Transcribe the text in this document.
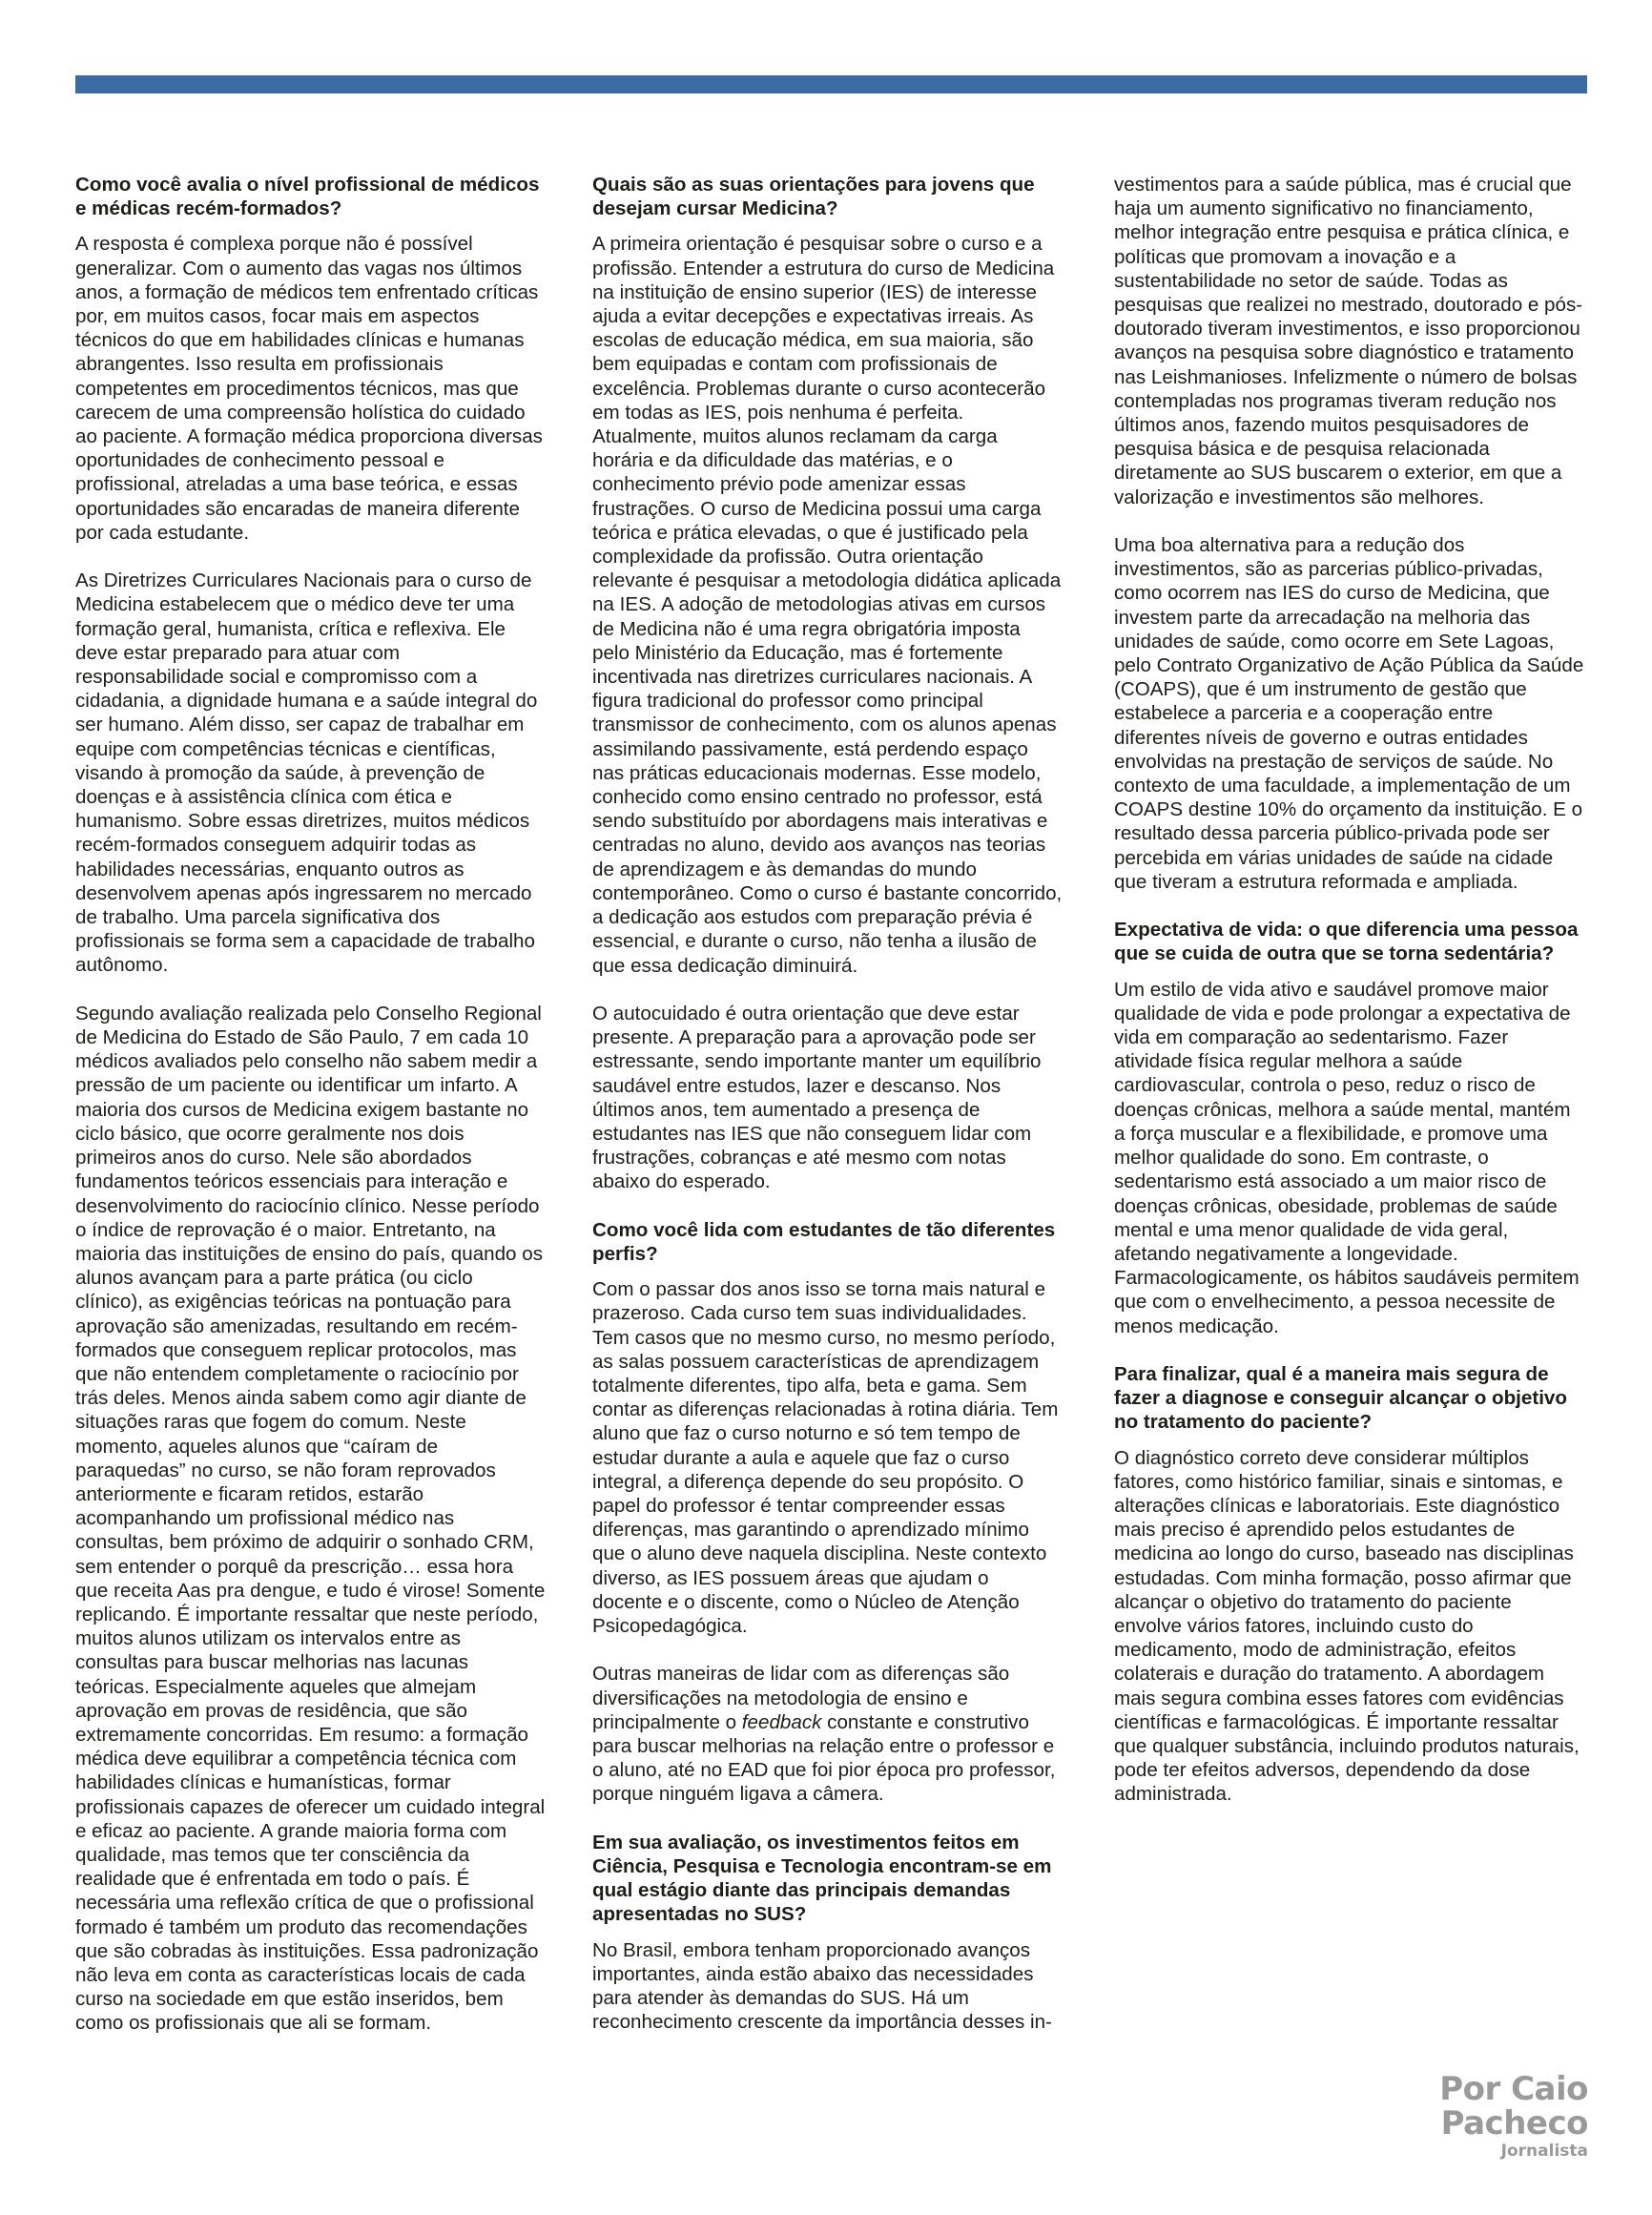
Como você avalia o nível profissional de médicos e médicas recém-formados?

A resposta é complexa porque não é possível generalizar. Com o aumento das vagas nos últimos anos, a formação de médicos tem enfrentado críticas por, em muitos casos, focar mais em aspectos técnicos do que em habilidades clínicas e humanas abrangentes. Isso resulta em profissionais competentes em procedimentos técnicos, mas que carecem de uma compreensão holística do cuidado ao paciente. A formação médica proporciona diversas oportunidades de conhecimento pessoal e profissional, atreladas a uma base teórica, e essas oportunidades são encaradas de maneira diferente por cada estudante.

As Diretrizes Curriculares Nacionais para o curso de Medicina estabelecem que o médico deve ter uma formação geral, humanista, crítica e reflexiva. Ele deve estar preparado para atuar com responsabilidade social e compromisso com a cidadania, a dignidade humana e a saúde integral do ser humano. Além disso, ser capaz de trabalhar em equipe com competências técnicas e científicas, visando à promoção da saúde, à prevenção de doenças e à assistência clínica com ética e humanismo. Sobre essas diretrizes, muitos médicos recém-formados conseguem adquirir todas as habilidades necessárias, enquanto outros as desenvolvem apenas após ingressarem no mercado de trabalho. Uma parcela significativa dos profissionais se forma sem a capacidade de trabalho autônomo.

Segundo avaliação realizada pelo Conselho Regional de Medicina do Estado de São Paulo, 7 em cada 10 médicos avaliados pelo conselho não sabem medir a pressão de um paciente ou identificar um infarto. A maioria dos cursos de Medicina exigem bastante no ciclo básico, que ocorre geralmente nos dois primeiros anos do curso. Nele são abordados fundamentos teóricos essenciais para interação e desenvolvimento do raciocínio clínico. Nesse período o índice de reprovação é o maior. Entretanto, na maioria das instituições de ensino do país, quando os alunos avançam para a parte prática (ou ciclo clínico), as exigências teóricas na pontuação para aprovação são amenizadas, resultando em recém-formados que conseguem replicar protocolos, mas que não entendem completamente o raciocínio por trás deles. Menos ainda sabem como agir diante de situações raras que fogem do comum. Neste momento, aqueles alunos que “caíram de paraquedas” no curso, se não foram reprovados anteriormente e ficaram retidos, estarão acompanhando um profissional médico nas consultas, bem próximo de adquirir o sonhado CRM, sem entender o porquê da prescrição… essa hora que receita Aas pra dengue, e tudo é virose! Somente replicando. É importante ressaltar que neste período, muitos alunos utilizam os intervalos entre as consultas para buscar melhorias nas lacunas teóricas. Especialmente aqueles que almejam aprovação em provas de residência, que são extremamente concorridas. Em resumo: a formação médica deve equilibrar a competência técnica com habilidades clínicas e humanísticas, formar profissionais capazes de oferecer um cuidado integral e eficaz ao paciente. A grande maioria forma com qualidade, mas temos que ter consciência da realidade que é enfrentada em todo o país. É necessária uma reflexão crítica de que o profissional formado é também um produto das recomendações que são cobradas às instituições. Essa padronização não leva em conta as características locais de cada curso na sociedade em que estão inseridos, bem como os profissionais que ali se formam.

Quais são as suas orientações para jovens que desejam cursar Medicina?

A primeira orientação é pesquisar sobre o curso e a profissão. Entender a estrutura do curso de Medicina na instituição de ensino superior (IES) de interesse ajuda a evitar decepções e expectativas irreais. As escolas de educação médica, em sua maioria, são bem equipadas e contam com profissionais de excelência. Problemas durante o curso acontecerão em todas as IES, pois nenhuma é perfeita. Atualmente, muitos alunos reclamam da carga horária e da dificuldade das matérias, e o conhecimento prévio pode amenizar essas frustrações. O curso de Medicina possui uma carga teórica e prática elevadas, o que é justificado pela complexidade da profissão. Outra orientação relevante é pesquisar a metodologia didática aplicada na IES. A adoção de metodologias ativas em cursos de Medicina não é uma regra obrigatória imposta pelo Ministério da Educação, mas é fortemente incentivada nas diretrizes curriculares nacionais. A figura tradicional do professor como principal transmissor de conhecimento, com os alunos apenas assimilando passivamente, está perdendo espaço nas práticas educacionais modernas. Esse modelo, conhecido como ensino centrado no professor, está sendo substituído por abordagens mais interativas e centradas no aluno, devido aos avanços nas teorias de aprendizagem e às demandas do mundo contemporâneo. Como o curso é bastante concorrido, a dedicação aos estudos com preparação prévia é essencial, e durante o curso, não tenha a ilusão de que essa dedicação diminuirá.

O autocuidado é outra orientação que deve estar presente. A preparação para a aprovação pode ser estressante, sendo importante manter um equilíbrio saudável entre estudos, lazer e descanso. Nos últimos anos, tem aumentado a presença de estudantes nas IES que não conseguem lidar com frustrações, cobranças e até mesmo com notas abaixo do esperado.

Como você lida com estudantes de tão diferentes perfis?

Com o passar dos anos isso se torna mais natural e prazeroso. Cada curso tem suas individualidades. Tem casos que no mesmo curso, no mesmo período, as salas possuem características de aprendizagem totalmente diferentes, tipo alfa, beta e gama. Sem contar as diferenças relacionadas à rotina diária. Tem aluno que faz o curso noturno e só tem tempo de estudar durante a aula e aquele que faz o curso integral, a diferença depende do seu propósito. O papel do professor é tentar compreender essas diferenças, mas garantindo o aprendizado mínimo que o aluno deve naquela disciplina. Neste contexto diverso, as IES possuem áreas que ajudam o docente e o discente, como o Núcleo de Atenção Psicopedagógica.

Outras maneiras de lidar com as diferenças são diversificações na metodologia de ensino e principalmente o feedback constante e construtivo para buscar melhorias na relação entre o professor e o aluno, até no EAD que foi pior época pro professor, porque ninguém ligava a câmera.

Em sua avaliação, os investimentos feitos em Ciência, Pesquisa e Tecnologia encontram-se em qual estágio diante das principais demandas apresentadas no SUS?

No Brasil, embora tenham proporcionado avanços importantes, ainda estão abaixo das necessidades para atender às demandas do SUS. Há um reconhecimento crescente da importância desses in-

vestimentos para a saúde pública, mas é crucial que haja um aumento significativo no financiamento, melhor integração entre pesquisa e prática clínica, e políticas que promovam a inovação e a sustentabilidade no setor de saúde. Todas as pesquisas que realizei no mestrado, doutorado e pós-doutorado tiveram investimentos, e isso proporcionou avanços na pesquisa sobre diagnóstico e tratamento nas Leishmanioses. Infelizmente o número de bolsas contempladas nos programas tiveram redução nos últimos anos, fazendo muitos pesquisadores de pesquisa básica e de pesquisa relacionada diretamente ao SUS buscarem o exterior, em que a valorização e investimentos são melhores.

Uma boa alternativa para a redução dos investimentos, são as parcerias público-privadas, como ocorrem nas IES do curso de Medicina, que investem parte da arrecadação na melhoria das unidades de saúde, como ocorre em Sete Lagoas, pelo Contrato Organizativo de Ação Pública da Saúde (COAPS), que é um instrumento de gestão que estabelece a parceria e a cooperação entre diferentes níveis de governo e outras entidades envolvidas na prestação de serviços de saúde. No contexto de uma faculdade, a implementação de um COAPS destine 10% do orçamento da instituição. E o resultado dessa parceria público-privada pode ser percebida em várias unidades de saúde na cidade que tiveram a estrutura reformada e ampliada.

Expectativa de vida: o que diferencia uma pessoa que se cuida de outra que se torna sedentária?

Um estilo de vida ativo e saudável promove maior qualidade de vida e pode prolongar a expectativa de vida em comparação ao sedentarismo. Fazer atividade física regular melhora a saúde cardiovascular, controla o peso, reduz o risco de doenças crônicas, melhora a saúde mental, mantém a força muscular e a flexibilidade, e promove uma melhor qualidade do sono. Em contraste, o sedentarismo está associado a um maior risco de doenças crônicas, obesidade, problemas de saúde mental e uma menor qualidade de vida geral, afetando negativamente a longevidade. Farmacologicamente, os hábitos saudáveis permitem que com o envelhecimento, a pessoa necessite de menos medicação.

Para finalizar, qual é a maneira mais segura de fazer a diagnose e conseguir alcançar o objetivo no tratamento do paciente?

O diagnóstico correto deve considerar múltiplos fatores, como histórico familiar, sinais e sintomas, e alterações clínicas e laboratoriais. Este diagnóstico mais preciso é aprendido pelos estudantes de medicina ao longo do curso, baseado nas disciplinas estudadas. Com minha formação, posso afirmar que alcançar o objetivo do tratamento do paciente envolve vários fatores, incluindo custo do medicamento, modo de administração, efeitos colaterais e duração do tratamento. A abordagem mais segura combina esses fatores com evidências científicas e farmacológicas. É importante ressaltar que qualquer substância, incluindo produtos naturais, pode ter efeitos adversos, dependendo da dose administrada.

Por Caio
Pacheco
Jornalista
